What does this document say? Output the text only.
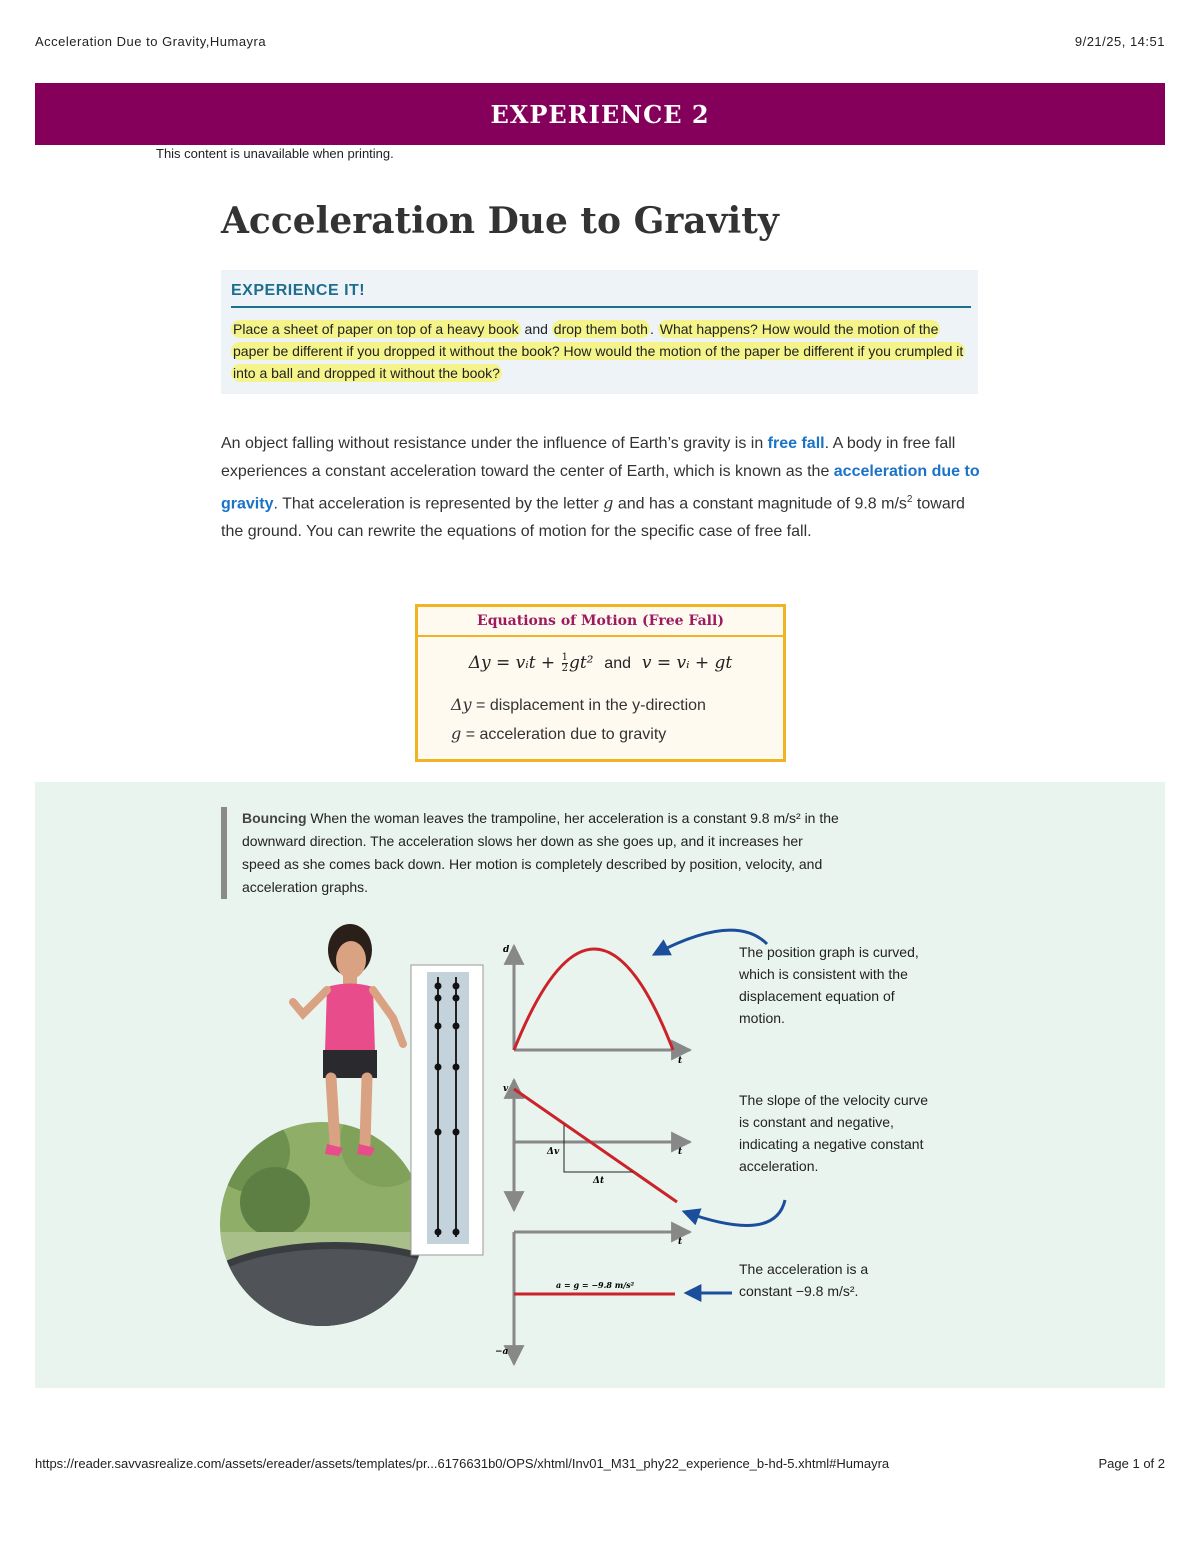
Acceleration Due to Gravity,Humayra	9/21/25, 14:51
EXPERIENCE 2
This content is unavailable when printing.
Acceleration Due to Gravity
EXPERIENCE IT!
Place a sheet of paper on top of a heavy book and drop them both . What happens? How would the motion of the paper be different if you dropped it without the book? How would the motion of the paper be different if you crumpled it into a ball and dropped it without the book?

An object falling without resistance under the influence of Earth’s gravity is in free fall. A body in free fall experiences a constant acceleration toward the center of Earth, which is known as the acceleration due to gravity. That acceleration is represented by the letter g and has a constant magnitude of 9.8 $m/s^2$ toward the ground. You can rewrite the equations of motion for the specific case of free fall.

Equations of Motion (Free Fall)
Δy = vᵢt + $\frac{1}{2} gt^2$ and v = vᵢ + gt
Δy = displacement in the y-direction
g = acceleration due to gravity
d
t
Δv
Δt
v
t
a = g = −9.8 m/s²
t
−a
Bouncing When the woman leaves the trampoline, her acceleration is a constant 9.8 m/s² in the downward direction. The acceleration slows her down as she goes up, and it increases her speed as she comes back down. Her motion is completely described by position, velocity, and acceleration graphs.
The position graph is curved, which is consistent with the displacement equation of motion.
The slope of the velocity curve is constant and negative, indicating a negative constant acceleration.
The acceleration is a constant −9.8 m/s².
https://reader.savvasrealize.com/assets/ereader/assets/templates/pr...6176631b0/OPS/xhtml/Inv01_M31_phy22_experience_b-hd-5.xhtml#Humayra	Page 1 of 2
